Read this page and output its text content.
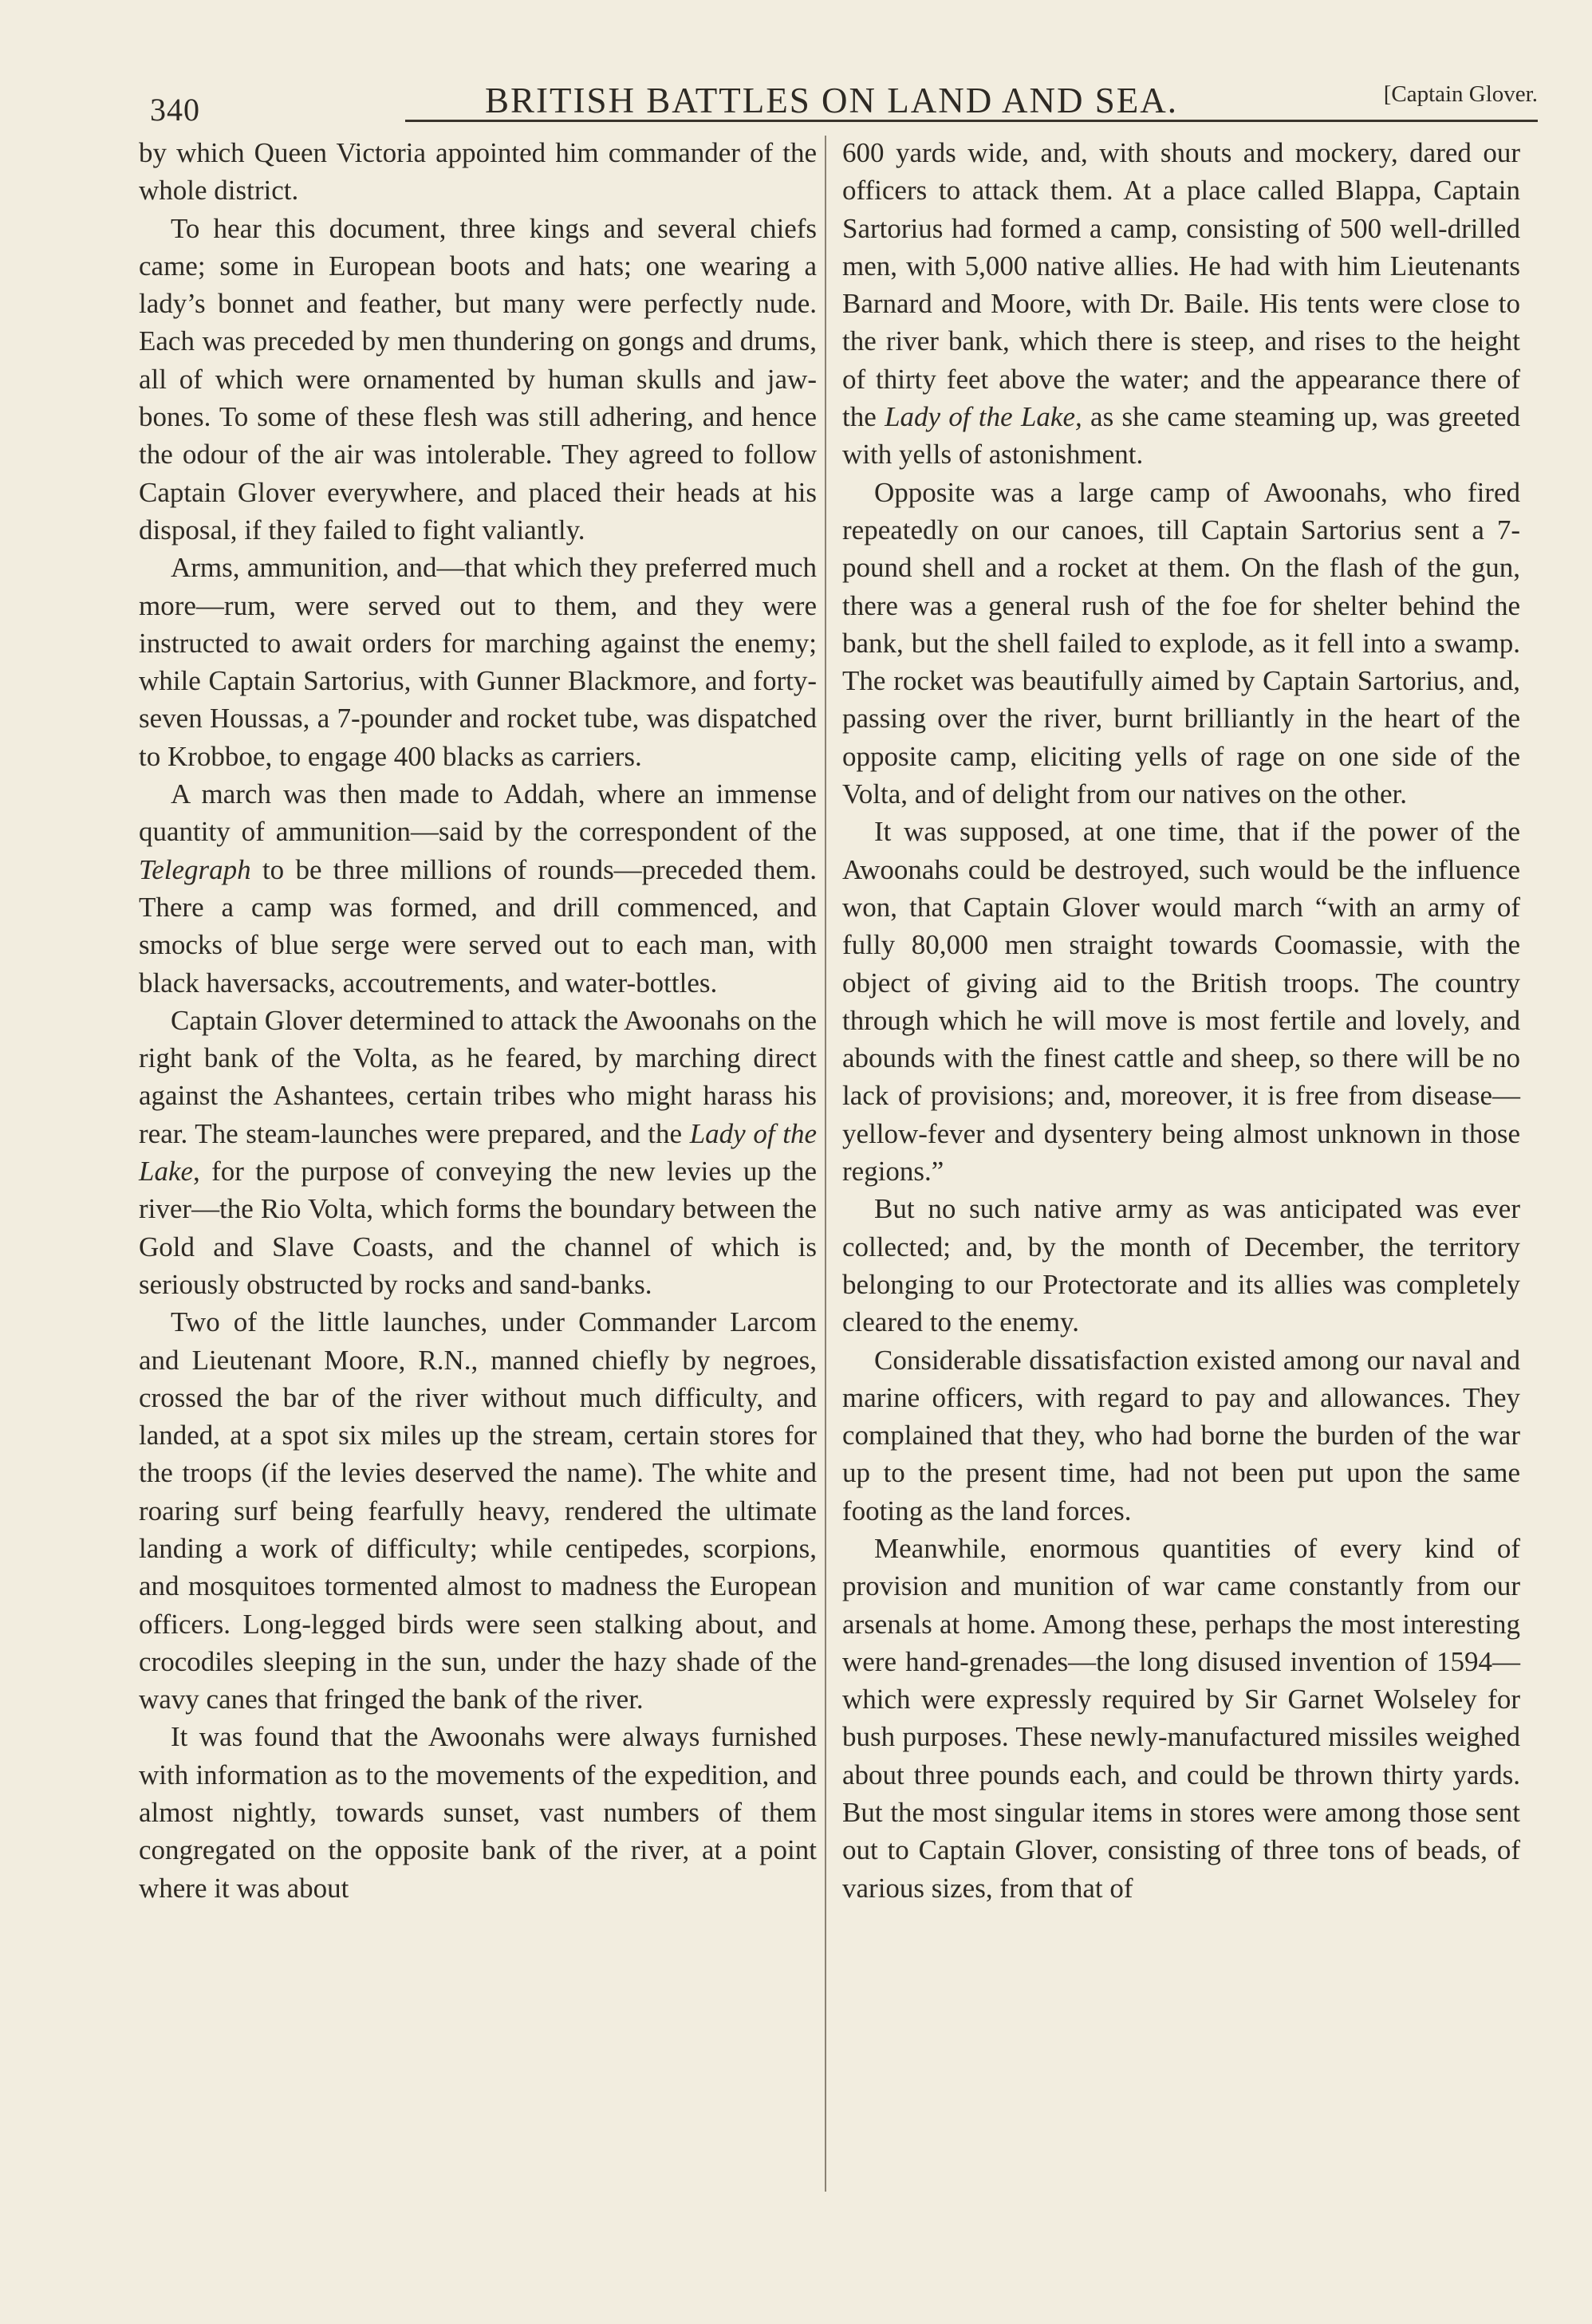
340	BRITISH BATTLES ON LAND AND SEA.	[Captain Glover.

by which Queen Victoria appointed him commander of the whole district.

To hear this document, three kings and several chiefs came; some in European boots and hats; one wearing a lady’s bonnet and feather, but many were perfectly nude. Each was preceded by men thundering on gongs and drums, all of which were ornamented by human skulls and jaw-bones. To some of these flesh was still adhering, and hence the odour of the air was intolerable. They agreed to follow Captain Glover everywhere, and placed their heads at his disposal, if they failed to fight valiantly.

Arms, ammunition, and—that which they preferred much more—rum, were served out to them, and they were instructed to await orders for marching against the enemy; while Captain Sartorius, with Gunner Blackmore, and forty-seven Houssas, a 7-pounder and rocket tube, was dispatched to Krobboe, to engage 400 blacks as carriers.

A march was then made to Addah, where an immense quantity of ammunition—said by the correspondent of the Telegraph to be three millions of rounds—preceded them. There a camp was formed, and drill commenced, and smocks of blue serge were served out to each man, with black haversacks, accoutrements, and water-bottles.

Captain Glover determined to attack the Awoonahs on the right bank of the Volta, as he feared, by marching direct against the Ashantees, certain tribes who might harass his rear. The steam-launches were prepared, and the Lady of the Lake, for the purpose of conveying the new levies up the river—the Rio Volta, which forms the boundary between the Gold and Slave Coasts, and the channel of which is seriously obstructed by rocks and sand-banks.

Two of the little launches, under Commander Larcom and Lieutenant Moore, R.N., manned chiefly by negroes, crossed the bar of the river without much difficulty, and landed, at a spot six miles up the stream, certain stores for the troops (if the levies deserved the name). The white and roaring surf being fearfully heavy, rendered the ultimate landing a work of difficulty; while centipedes, scorpions, and mosquitoes tormented almost to madness the European officers. Long-legged birds were seen stalking about, and crocodiles sleeping in the sun, under the hazy shade of the wavy canes that fringed the bank of the river.

It was found that the Awoonahs were always furnished with information as to the movements of the expedition, and almost nightly, towards sunset, vast numbers of them congregated on the opposite bank of the river, at a point where it was about

600 yards wide, and, with shouts and mockery, dared our officers to attack them. At a place called Blappa, Captain Sartorius had formed a camp, consisting of 500 well-drilled men, with 5,000 native allies. He had with him Lieutenants Barnard and Moore, with Dr. Baile. His tents were close to the river bank, which there is steep, and rises to the height of thirty feet above the water; and the appearance there of the Lady of the Lake, as she came steaming up, was greeted with yells of astonishment.

Opposite was a large camp of Awoonahs, who fired repeatedly on our canoes, till Captain Sartorius sent a 7-pound shell and a rocket at them. On the flash of the gun, there was a general rush of the foe for shelter behind the bank, but the shell failed to explode, as it fell into a swamp. The rocket was beautifully aimed by Captain Sartorius, and, passing over the river, burnt brilliantly in the heart of the opposite camp, eliciting yells of rage on one side of the Volta, and of delight from our natives on the other.

It was supposed, at one time, that if the power of the Awoonahs could be destroyed, such would be the influence won, that Captain Glover would march “with an army of fully 80,000 men straight towards Coomassie, with the object of giving aid to the British troops. The country through which he will move is most fertile and lovely, and abounds with the finest cattle and sheep, so there will be no lack of provisions; and, moreover, it is free from disease—yellow-fever and dysentery being almost unknown in those regions.”

But no such native army as was anticipated was ever collected; and, by the month of December, the territory belonging to our Protectorate and its allies was completely cleared to the enemy.

Considerable dissatisfaction existed among our naval and marine officers, with regard to pay and allowances. They complained that they, who had borne the burden of the war up to the present time, had not been put upon the same footing as the land forces.

Meanwhile, enormous quantities of every kind of provision and munition of war came constantly from our arsenals at home. Among these, perhaps the most interesting were hand-grenades—the long disused invention of 1594—which were expressly required by Sir Garnet Wolseley for bush purposes. These newly-manufactured missiles weighed about three pounds each, and could be thrown thirty yards. But the most singular items in stores were among those sent out to Captain Glover, consisting of three tons of beads, of various sizes, from that of
